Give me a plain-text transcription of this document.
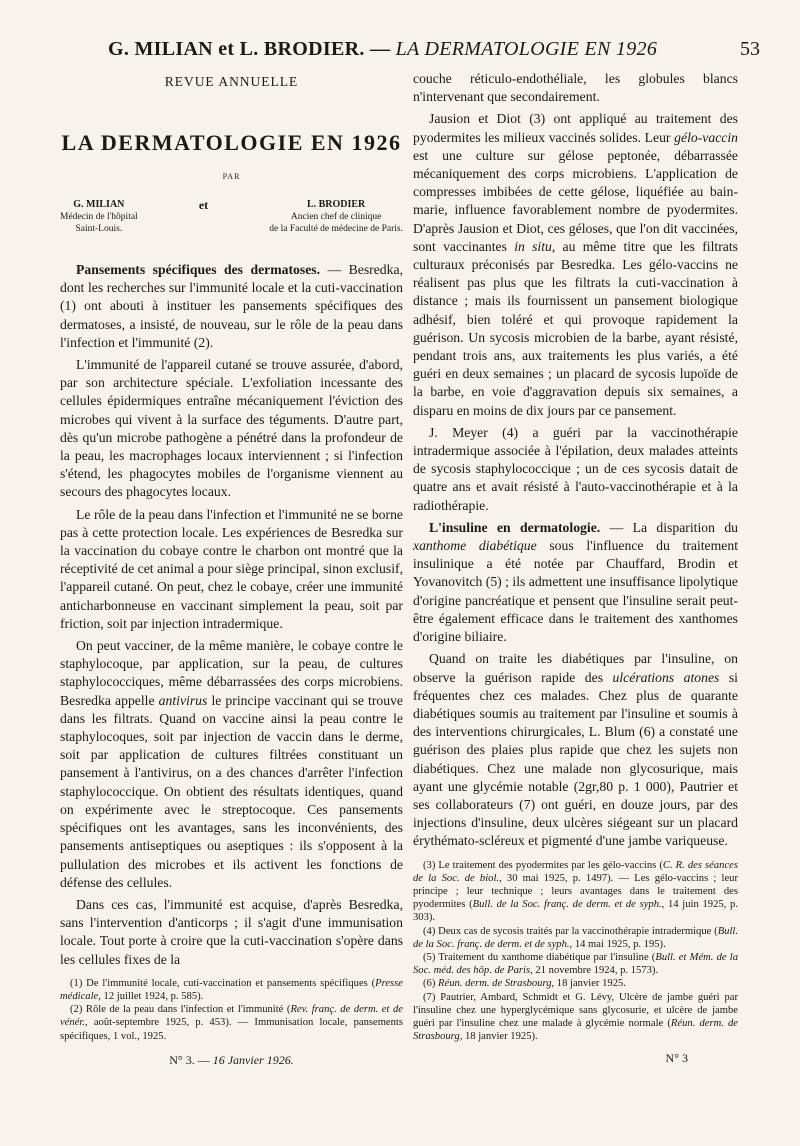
G. MILIAN et L. BRODIER. — LA DERMATOLOGIE EN 1926	53
REVUE ANNUELLE
LA DERMATOLOGIE EN 1926
PAR
G. MILIAN
Médecin de l'hôpital
Saint-Louis.
et	L. BRODIER
Ancien chef de clinique
de la Faculté de médecine de Paris.

Pansements spécifiques des dermatoses. — Besredka, dont les recherches sur l'immunité locale et la cuti-vaccination (1) ont abouti à instituer les pansements spécifiques des dermatoses, a insisté, de nouveau, sur le rôle de la peau dans l'infection et l'immunité (2).

L'immunité de l'appareil cutané se trouve assurée, d'abord, par son architecture spéciale. L'exfoliation incessante des cellules épidermiques entraîne mécaniquement l'éviction des microbes qui vivent à la surface des téguments. D'autre part, dès qu'un microbe pathogène a pénétré dans la profondeur de la peau, les macrophages locaux interviennent ; si l'infection s'étend, les phagocytes mobiles de l'organisme viennent au secours des phagocytes locaux.

Le rôle de la peau dans l'infection et l'immunité ne se borne pas à cette protection locale. Les expériences de Besredka sur la vaccination du cobaye contre le charbon ont montré que la réceptivité de cet animal a pour siège principal, sinon exclusif, l'appareil cutané. On peut, chez le cobaye, créer une immunité anticharbonneuse en vaccinant simplement la peau, soit par friction, soit par injection intradermique.

On peut vacciner, de la même manière, le cobaye contre le staphylocoque, par application, sur la peau, de cultures staphylococciques, même débarrassées des corps microbiens. Besredka appelle antivirus le principe vaccinant qui se trouve dans les filtrats. Quand on vaccine ainsi la peau contre le staphylocoques, soit par injection de vaccin dans le derme, soit par application de cultures filtrées constituant un pansement à l'antivirus, on a des chances d'arrêter l'infection staphylococcique. On obtient des résultats identiques, quand on expérimente avec le streptocoque. Ces pansements spécifiques ont les avantages, sans les inconvénients, des pansements antiseptiques ou aseptiques : ils s'opposent à la pullulation des microbes et ils activent les fonctions de défense des cellules.

Dans ces cas, l'immunité est acquise, d'après Besredka, sans l'intervention d'anticorps ; il s'agit d'une immunisation locale. Tout porte à croire que la cuti-vaccination s'opère dans les cellules fixes de la

(1) De l'immunité locale, cuti-vaccination et pansements spécifiques (Presse médicale, 12 juillet 1924, p. 585).

(2) Rôle de la peau dans l'infection et l'immunité (Rev. franç. de derm. et de vénér., août-septembre 1925, p. 453). — Immunisation locale, pansements spécifiques, 1 vol., 1925.

N° 3. — 16 Janvier 1926.

couche réticulo-endothéliale, les globules blancs n'intervenant que secondairement.

Jausion et Diot (3) ont appliqué au traitement des pyodermites les milieux vaccinés solides. Leur gélo-vaccin est une culture sur gélose peptonée, débarrassée mécaniquement des corps microbiens. L'application de compresses imbibées de cette gélose, liquéfiée au bain-marie, influence favorablement nombre de pyodermites. D'après Jausion et Diot, ces géloses, que l'on dit vaccinées, sont vaccinantes in situ, au même titre que les filtrats culturaux préconisés par Besredka. Les gélo-vaccins ne réalisent pas plus que les filtrats la cuti-vaccination à distance ; mais ils fournissent un pansement biologique adhésif, bien toléré et qui provoque rapidement la guérison. Un sycosis microbien de la barbe, ayant résisté, pendant trois ans, aux traitements les plus variés, a été guéri en deux semaines ; un placard de sycosis lupoïde de la barbe, en voie d'aggravation depuis six semaines, a disparu en moins de dix jours par ce pansement.

J. Meyer (4) a guéri par la vaccinothérapie intradermique associée à l'épilation, deux malades atteints de sycosis staphylococcique ; un de ces sycosis datait de quatre ans et avait résisté à l'auto-vaccinothérapie et à la radiothérapie.

L'insuline en dermatologie. — La disparition du xanthome diabétique sous l'influence du traitement insulinique a été notée par Chauffard, Brodin et Yovanovitch (5) ; ils admettent une insuffisance lipolytique d'origine pancréatique et pensent que l'insuline serait peut-être également efficace dans le traitement des xanthomes d'origine biliaire.

Quand on traite les diabétiques par l'insuline, on observe la guérison rapide des ulcérations atones si fréquentes chez ces malades. Chez plus de quarante diabétiques soumis au traitement par l'insuline et soumis à des interventions chirurgicales, L. Blum (6) a constaté une guérison des plaies plus rapide que chez les sujets non diabétiques. Chez une malade non glycosurique, mais ayant une glycémie notable (2gr,80 p. 1 000), Pautrier et ses collaborateurs (7) ont guéri, en douze jours, par des injections d'insuline, deux ulcères siégeant sur un placard érythémato-scléreux et pigmenté d'une jambe variqueuse.

(3) Le traitement des pyodermites par les gélo-vaccins (C. R. des séances de la Soc. de biol., 30 mai 1925, p. 1497). — Les gélo-vaccins ; leur principe ; leur technique ; leurs avantages dans le traitement des pyodermites (Bull. de la Soc. franç. de derm. et de syph., 14 juin 1925, p. 303).

(4) Deux cas de sycosis traités par la vaccinothérapie intradermique (Bull. de la Soc. franç. de derm. et de syph., 14 mai 1925, p. 195).

(5) Traitement du xanthome diabétique par l'insuline (Bull. et Mém. de la Soc. méd. des hôp. de Paris, 21 novembre 1924, p. 1573).

(6) Réun. derm. de Strasbourg, 18 janvier 1925.

(7) Pautrier, Ambard, Schmidt et G. Lévy, Ulcère de jambe guéri par l'insuline chez une hyperglycémique sans glycosurie, et ulcère de jambe guéri par l'insuline chez une malade à glycémie normale (Réun. derm. de Strasbourg, 18 janvier 1925).

N° 3
